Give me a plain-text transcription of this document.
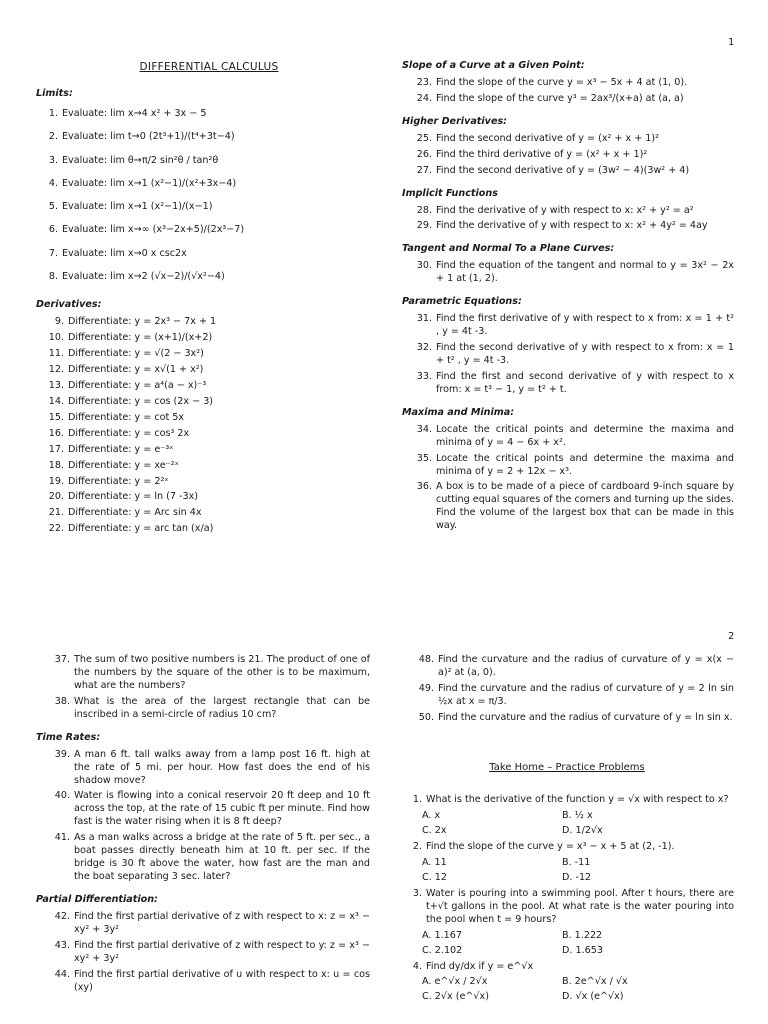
1
DIFFERENTIAL CALCULUS
Limits:
1. Evaluate: lim x→4 x² + 3x − 5
2. Evaluate: lim t→0 (2t³+1)/(t⁴+3t−4)
3. Evaluate: lim θ→π/2 sin²θ / tan²θ
4. Evaluate: lim x→1 (x²−1)/(x²+3x−4)
5. Evaluate: lim x→1 (x²−1)/(x−1)
6. Evaluate: lim x→∞ (x³−2x+5)/(2x³−7)
7. Evaluate: lim x→0 x csc2x
8. Evaluate: lim x→2 (√x−2)/(√x²−4)
Derivatives:
9. Differentiate: y = 2x³ − 7x + 1
10. Differentiate: y = (x+1)/(x+2)
11. Differentiate: y = √(2 − 3x²)
12. Differentiate: y = x√(1 + x²)
13. Differentiate: y = a⁴(a − x)⁻³
14. Differentiate: y = cos (2x − 3)
15. Differentiate: y = cot 5x
16. Differentiate: y = cos³ 2x
17. Differentiate: y = e⁻³ˣ
18. Differentiate: y = xe⁻²ˣ
19. Differentiate: y = 2²ˣ
20. Differentiate: y = ln (7 -3x)
21. Differentiate: y = Arc sin 4x
22. Differentiate: y = arc tan (x/a)
Slope of a Curve at a Given Point:
23. Find the slope of the curve y = x³ − 5x + 4 at (1, 0).
24. Find the slope of the curve y³ = 2ax³/(x+a) at (a, a)
Higher Derivatives:
25. Find the second derivative of y = (x² + x + 1)²
26. Find the third derivative of y = (x² + x + 1)²
27. Find the second derivative of y = (3w² − 4)(3w² + 4)
Implicit Functions
28. Find the derivative of y with respect to x: x² + y² = a²
29. Find the derivative of y with respect to x: x² + 4y² = 4ay
Tangent and Normal To a Plane Curves:
30. Find the equation of the tangent and normal to y = 3x² − 2x + 1 at (1, 2).
Parametric Equations:
31. Find the first derivative of y with respect to x from: x = 1 + t² , y = 4t -3.
32. Find the second derivative of y with respect to x from: x = 1 + t² , y = 4t -3.
33. Find the first and second derivative of y with respect to x from: x = t³ − 1, y = t² + t.
Maxima and Minima:
34. Locate the critical points and determine the maxima and minima of y = 4 − 6x + x².
35. Locate the critical points and determine the maxima and minima of y = 2 + 12x − x³.
36. A box is to be made of a piece of cardboard 9-inch square by cutting equal squares of the corners and turning up the sides. Find the volume of the largest box that can be made in this way.
2
37. The sum of two positive numbers is 21. The product of one of the numbers by the square of the other is to be maximum, what are the numbers?
38. What is the area of the largest rectangle that can be inscribed in a semi-circle of radius 10 cm?
Time Rates:
39. A man 6 ft. tall walks away from a lamp post 16 ft. high at the rate of 5 mi. per hour. How fast does the end of his shadow move?
40. Water is flowing into a conical reservoir 20 ft deep and 10 ft across the top, at the rate of 15 cubic ft per minute. Find how fast is the water rising when it is 8 ft deep?
41. As a man walks across a bridge at the rate of 5 ft. per sec., a boat passes directly beneath him at 10 ft. per sec. If the bridge is 30 ft above the water, how fast are the man and the boat separating 3 sec. later?
Partial Differentiation:
42. Find the first partial derivative of z with respect to x: z = x³ − xy² + 3y²
43. Find the first partial derivative of z with respect to y: z = x³ − xy² + 3y²
44. Find the first partial derivative of u with respect to x: u = cos (xy)
48. Find the curvature and the radius of curvature of y = x(x − a)² at (a, 0).
49. Find the curvature and the radius of curvature of y = 2 ln sin ½x at x = π/3.
50. Find the curvature and the radius of curvature of y = ln sin x.
Take Home – Practice Problems
1. What is the derivative of the function y = √x with respect to x?
A. x	B. ½ x
C. 2x	D. 1/2√x
2. Find the slope of the curve y = x³ − x + 5 at (2, -1).
A. 11	B. -11
C. 12	D. -12
3. Water is pouring into a swimming pool. After t hours, there are t+√t gallons in the pool. At what rate is the water pouring into the pool when t = 9 hours?
A. 1.167	B. 1.222
C. 2.102	D. 1.653
4. Find dy/dx if y = e^√x
A. e^√x / 2√x	B. 2e^√x / √x
C. 2√x (e^√x)	D. √x (e^√x)
